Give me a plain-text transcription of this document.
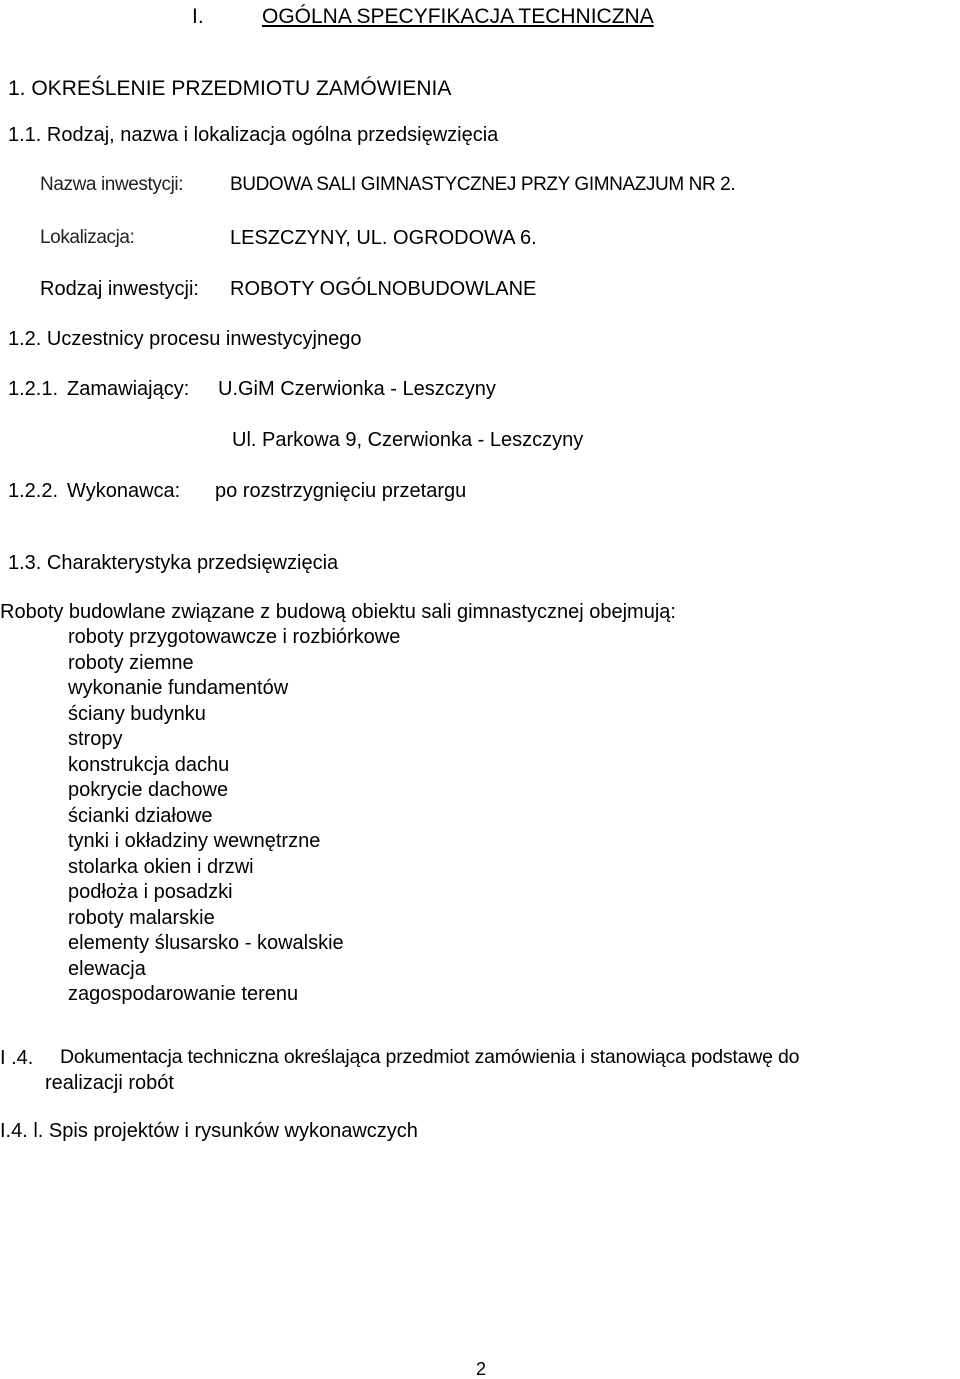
I.	OGÓLNA SPECYFIKACJA TECHNICZNA
1. OKREŚLENIE PRZEDMIOTU ZAMÓWIENIA
1.1. Rodzaj, nazwa i lokalizacja ogólna przedsięwzięcia
Nazwa inwestycji: BUDOWA SALI GIMNASTYCZNEJ PRZY GIMNAZJUM NR 2.
Lokalizacja:	LESZCZYNY, UL. OGRODOWA 6.
Rodzaj inwestycji: ROBOTY OGÓLNOBUDOWLANE
1.2. Uczestnicy procesu inwestycyjnego
1.2.1. Zamawiający: U.GiM Czerwionka - Leszczyny
Ul. Parkowa 9, Czerwionka - Leszczyny
1.2.2. Wykonawca: po rozstrzygnięciu przetargu
1.3. Charakterystyka przedsięwzięcia
Roboty budowlane związane z budową obiektu sali gimnastycznej obejmują:
roboty przygotowawcze i rozbiórkowe
roboty ziemne
wykonanie fundamentów
ściany budynku
stropy
konstrukcja dachu
pokrycie dachowe
ścianki działowe
tynki i okładziny wewnętrzne
stolarka okien i drzwi
podłoża i posadzki
roboty malarskie
elementy ślusarsko - kowalskie
elewacja
zagospodarowanie terenu
I .4. Dokumentacja techniczna określająca przedmiot zamówienia i stanowiąca podstawę do
realizacji robót
I.4. l. Spis projektów i rysunków wykonawczych
2
